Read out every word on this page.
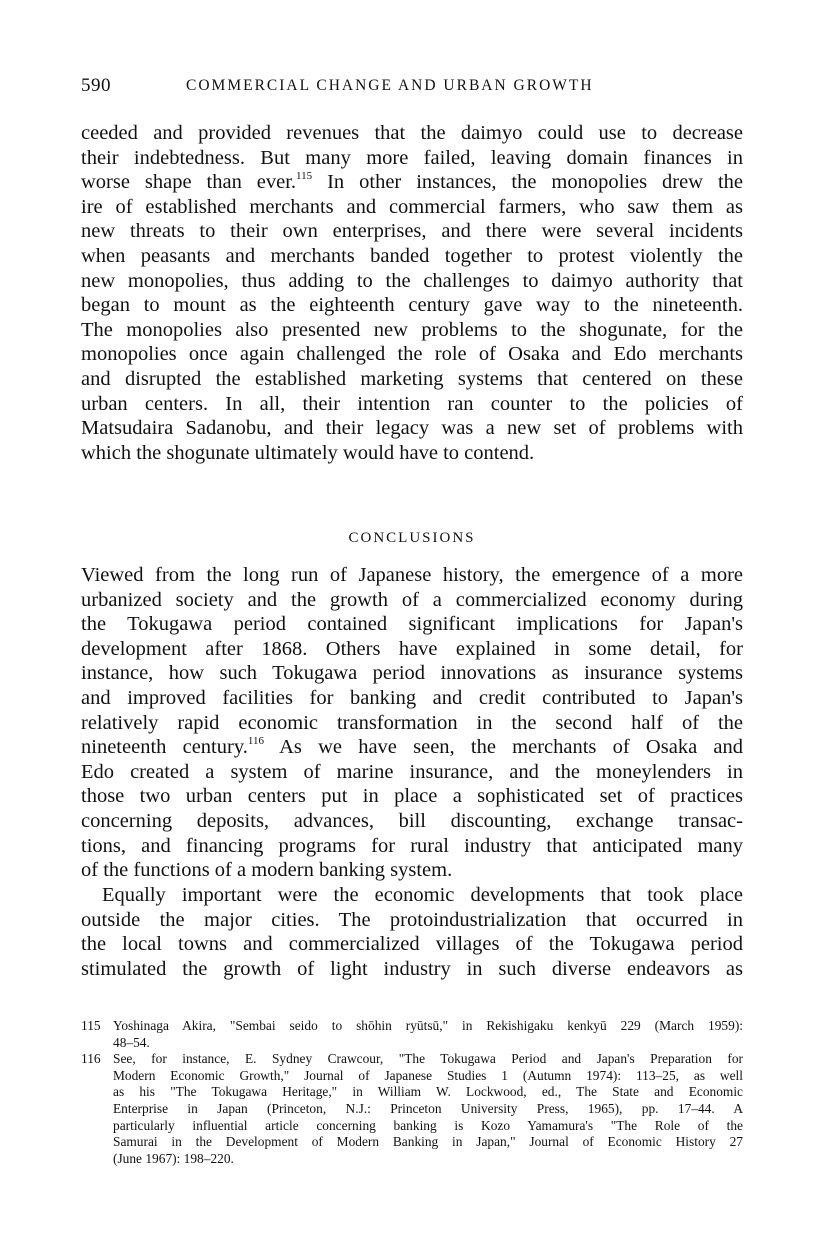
590	COMMERCIAL CHANGE AND URBAN GROWTH
ceeded and provided revenues that the daimyo could use to decrease
their indebtedness. But many more failed, leaving domain finances in
worse shape than ever.$^{115}$ In other instances, the monopolies drew the
ire of established merchants and commercial farmers, who saw them as
new threats to their own enterprises, and there were several incidents
when peasants and merchants banded together to protest violently the
new monopolies, thus adding to the challenges to daimyo authority that
began to mount as the eighteenth century gave way to the nineteenth.
The monopolies also presented new problems to the shogunate, for the
monopolies once again challenged the role of Osaka and Edo merchants
and disrupted the established marketing systems that centered on these
urban centers. In all, their intention ran counter to the policies of
Matsudaira Sadanobu, and their legacy was a new set of problems with
which the shogunate ultimately would have to contend.
CONCLUSIONS
Viewed from the long run of Japanese history, the emergence of a more
urbanized society and the growth of a commercialized economy during
the Tokugawa period contained significant implications for Japan's
development after 1868. Others have explained in some detail, for
instance, how such Tokugawa period innovations as insurance systems
and improved facilities for banking and credit contributed to Japan's
relatively rapid economic transformation in the second half of the
nineteenth century.$^{116}$ As we have seen, the merchants of Osaka and
Edo created a system of marine insurance, and the moneylenders in
those two urban centers put in place a sophisticated set of practices
concerning deposits, advances, bill discounting, exchange transac-
tions, and financing programs for rural industry that anticipated many
of the functions of a modern banking system.
Equally important were the economic developments that took place
outside the major cities. The protoindustrialization that occurred in
the local towns and commercialized villages of the Tokugawa period
stimulated the growth of light industry in such diverse endeavors as
115 Yoshinaga Akira, "Sembai seido to shōhin ryūtsū," in Rekishigaku kenkyū 229 (March 1959):
48–54.
116 See, for instance, E. Sydney Crawcour, "The Tokugawa Period and Japan's Preparation for
Modern Economic Growth," Journal of Japanese Studies 1 (Autumn 1974): 113–25, as well
as his "The Tokugawa Heritage," in William W. Lockwood, ed., The State and Economic
Enterprise in Japan (Princeton, N.J.: Princeton University Press, 1965), pp. 17–44. A
particularly influential article concerning banking is Kozo Yamamura's "The Role of the
Samurai in the Development of Modern Banking in Japan," Journal of Economic History 27
(June 1967): 198–220.
